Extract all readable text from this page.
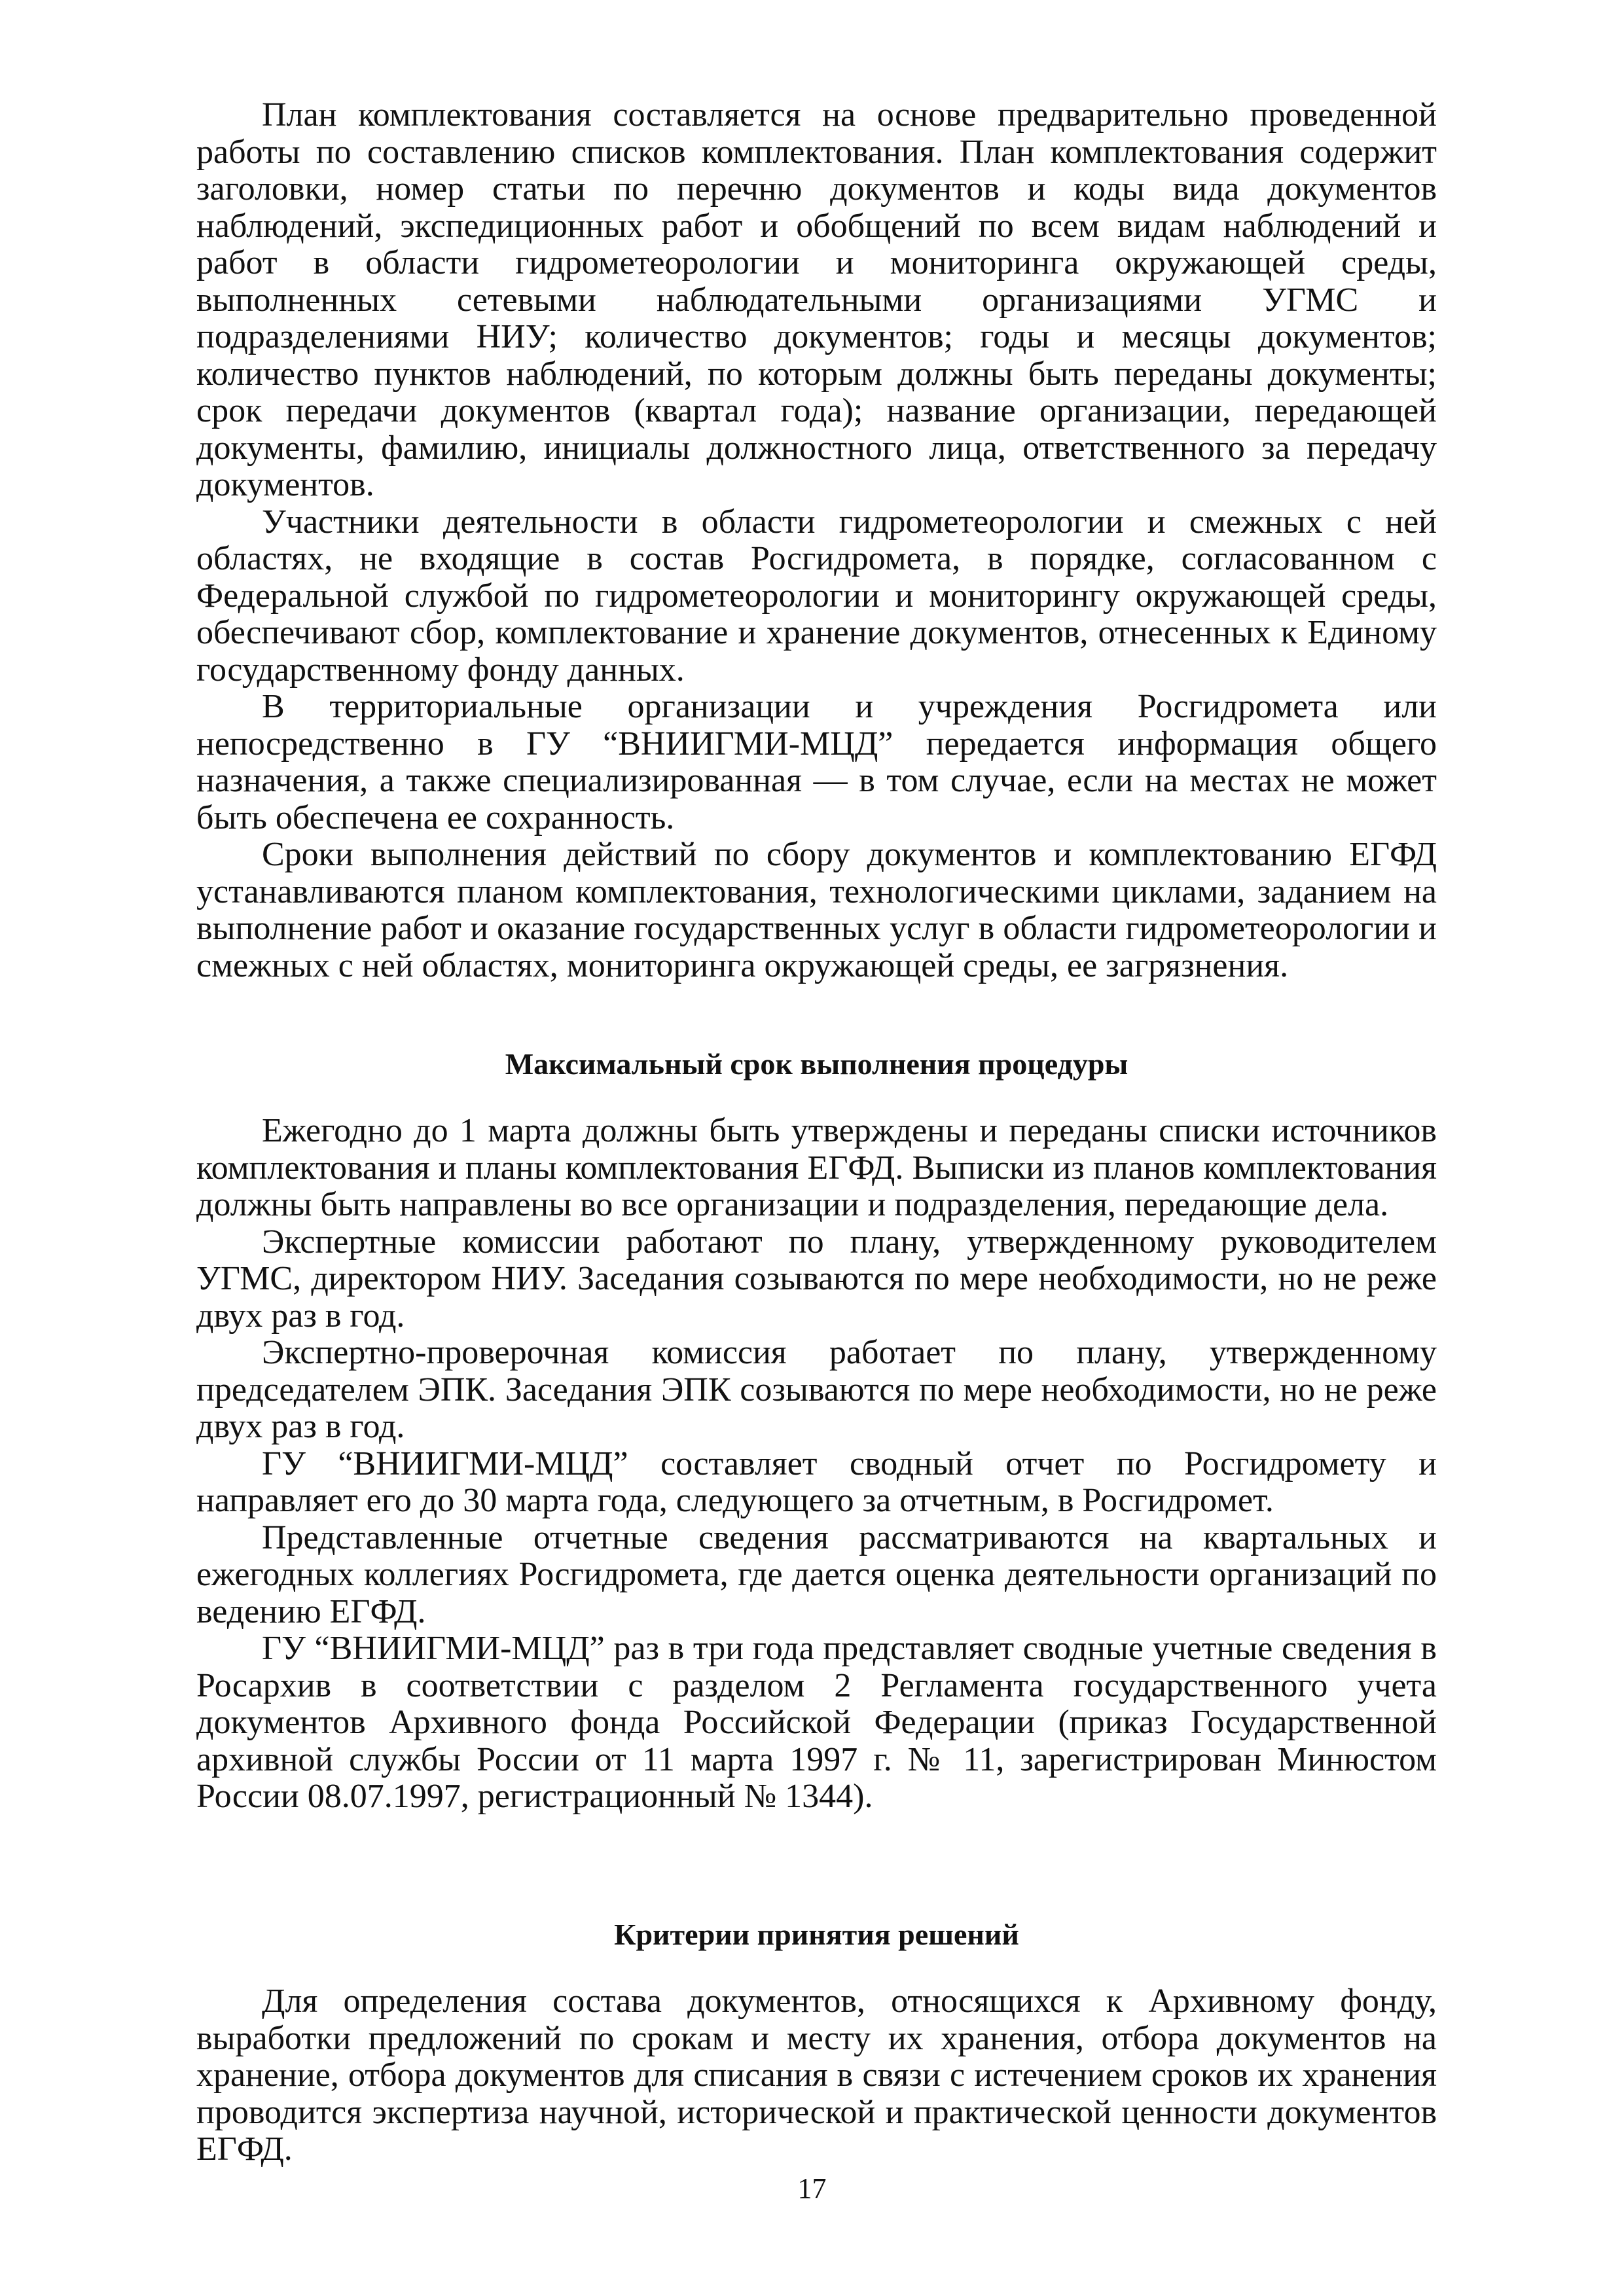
План комплектования составляется на основе предварительно проведенной работы по составлению списков комплектования. План комплектования содержит заголовки, номер статьи по перечню документов и коды вида документов наблюдений, экспедиционных работ и обобщений по всем видам наблюдений и работ в области гидрометеорологии и мониторинга окружающей среды, выполненных сетевыми наблюдательными организациями УГМС и подразделениями НИУ; количество документов; годы и месяцы документов; количество пунктов наблюдений, по которым должны быть переданы документы; срок передачи документов (квартал года); название организации, передающей документы, фамилию, инициалы должностного лица, ответственного за передачу документов.

Участники деятельности в области гидрометеорологии и смежных с ней областях, не входящие в состав Росгидромета, в порядке, согласованном с Федеральной службой по гидрометеорологии и мониторингу окружающей среды, обеспечивают сбор, комплектование и хранение документов, отнесенных к Единому государственному фонду данных.

В территориальные организации и учреждения Росгидромета или непосредственно в ГУ “ВНИИГМИ-МЦД” передается информация общего назначения, а также специализированная — в том случае, если на местах не может быть обеспечена ее сохранность.

Сроки выполнения действий по сбору документов и комплектованию ЕГФД устанавливаются планом комплектования, технологическими циклами, заданием на выполнение работ и оказание государственных услуг в области гидрометеорологии и смежных с ней областях, мониторинга окружающей среды, ее загрязнения.

Максимальный срок выполнения процедуры

Ежегодно до 1 марта должны быть утверждены и переданы списки источников комплектования и планы комплектования ЕГФД. Выписки из планов комплектования должны быть направлены во все организации и подразделения, передающие дела.

Экспертные комиссии работают по плану, утвержденному руководителем УГМС, директором НИУ. Заседания созываются по мере необходимости, но не реже двух раз в год.

Экспертно-проверочная комиссия работает по плану, утвержденному председателем ЭПК. Заседания ЭПК созываются по мере необходимости, но не реже двух раз в год.

ГУ “ВНИИГМИ-МЦД” составляет сводный отчет по Росгидромету и направляет его до 30 марта года, следующего за отчетным, в Росгидромет.

Представленные отчетные сведения рассматриваются на квартальных и ежегодных коллегиях Росгидромета, где дается оценка деятельности организаций по ведению ЕГФД.

ГУ “ВНИИГМИ-МЦД” раз в три года представляет сводные учетные сведения в Росархив в соответствии с разделом 2 Регламента государственного учета документов Архивного фонда Российской Федерации (приказ Государственной архивной службы России от 11 марта 1997 г. № 11, зарегистрирован Минюстом России 08.07.1997, регистрационный № 1344).

Критерии принятия решений

Для определения состава документов, относящихся к Архивному фонду, выработки предложений по срокам и месту их хранения, отбора документов на хранение, отбора документов для списания в связи с истечением сроков их хранения проводится экспертиза научной, исторической и практической ценности документов ЕГФД.

17
